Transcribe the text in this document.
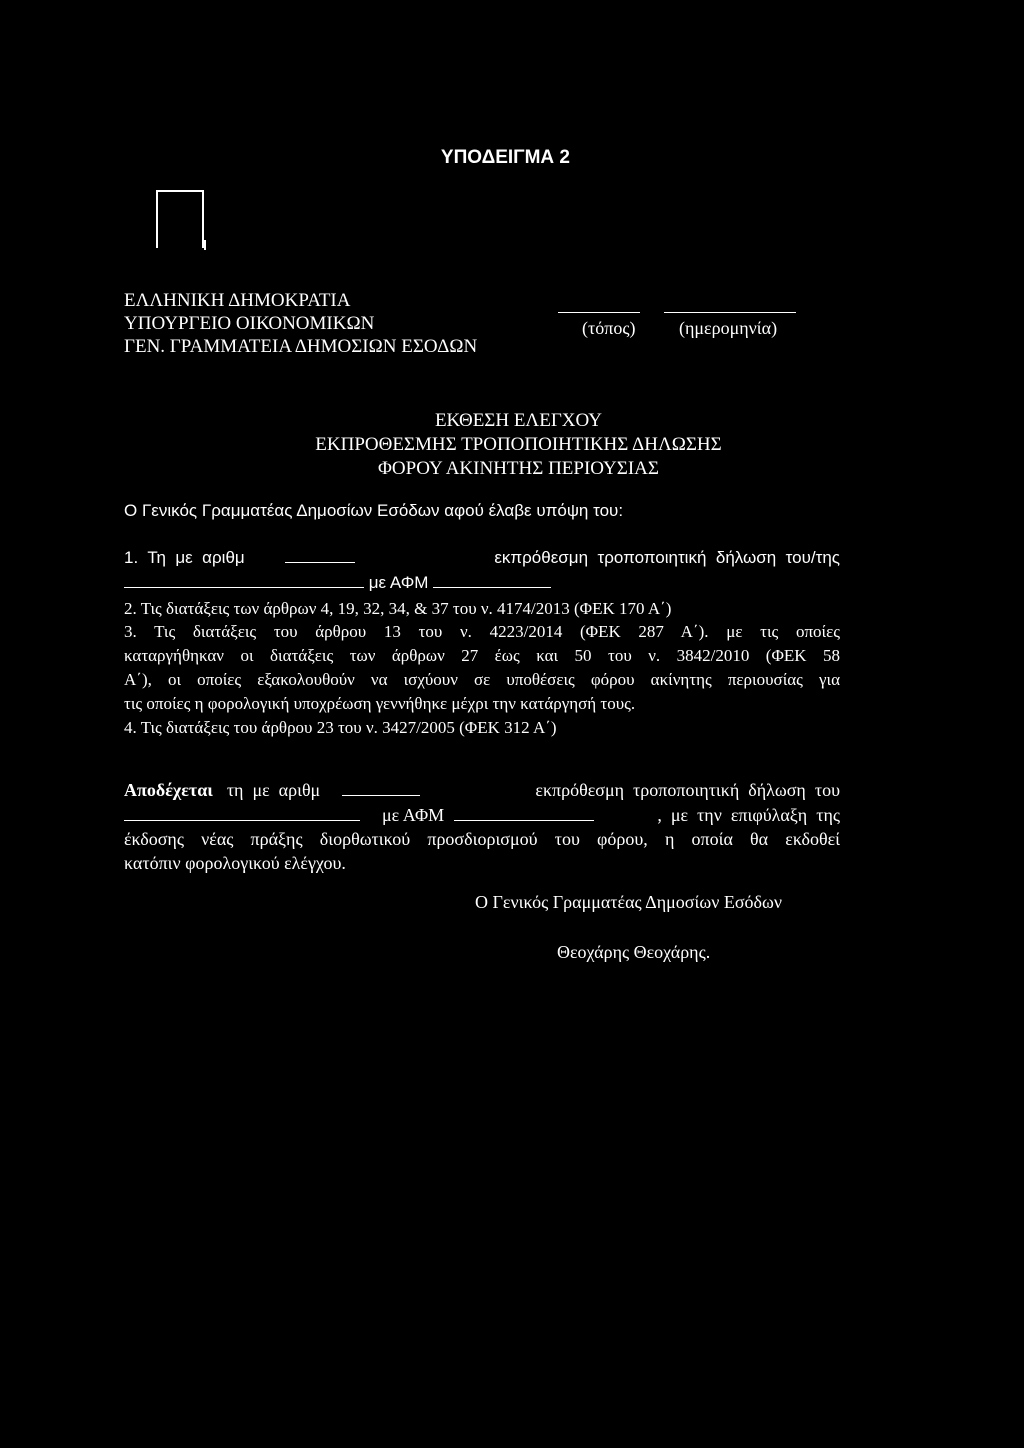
ΥΠΟΔΕΙΓΜΑ 2
ΕΛΛΗΝΙΚΗ ΔΗΜΟΚΡΑΤΙΑ
ΥΠΟΥΡΓΕΙΟ ΟΙΚΟΝΟΜΙΚΩΝ
ΓΕΝ. ΓΡΑΜΜΑΤΕΙΑ ΔΗΜΟΣΙΩΝ ΕΣΟΔΩΝ
(τόπος) (ημερομηνία)
ΕΚΘΕΣΗ ΕΛΕΓΧΟΥ
ΕΚΠΡΟΘΕΣΜΗΣ ΤΡΟΠΟΠΟΙΗΤΙΚΗΣ ΔΗΛΩΣΗΣ
ΦΟΡΟΥ ΑΚΙΝΗΤΗΣ ΠΕΡΙΟΥΣΙΑΣ
Ο Γενικός Γραμματέας Δημοσίων Εσόδων αφού έλαβε υπόψη του:
1.  Τη  με  αριθμ	εκπρόθεσμη  τροποποιητική  δήλωση  του/της
με ΑΦΜ
2. Τις διατάξεις των άρθρων 4, 19, 32, 34, & 37 του ν. 4174/2013 (ΦΕΚ 170 Α΄)
3. Τις διατάξεις του άρθρου 13 του ν. 4223/2014 (ΦΕΚ 287 Α΄). με τις οποίες
καταργήθηκαν οι διατάξεις των άρθρων 27 έως και 50 του ν. 3842/2010 (ΦΕΚ 58
Α΄), οι οποίες εξακολουθούν να ισχύουν σε υποθέσεις φόρου ακίνητης περιουσίας για
τις οποίες η φορολογική υποχρέωση γεννήθηκε μέχρι την κατάργησή τους.
4. Τις διατάξεις του άρθρου 23 του ν. 3427/2005 (ΦΕΚ 312 Α΄)
Αποδέχεται τη  με  αριθμ	εκπρόθεσμη  τροποποιητική  δήλωση  του
με ΑΦΜ	,  με  την  επιφύλαξη  της
έκδοσης νέας πράξης διορθωτικού προσδιορισμού του φόρου, η οποία θα εκδοθεί
κατόπιν φορολογικού ελέγχου.
Ο Γενικός Γραμματέας Δημοσίων Εσόδων
Θεοχάρης Θεοχάρης.
